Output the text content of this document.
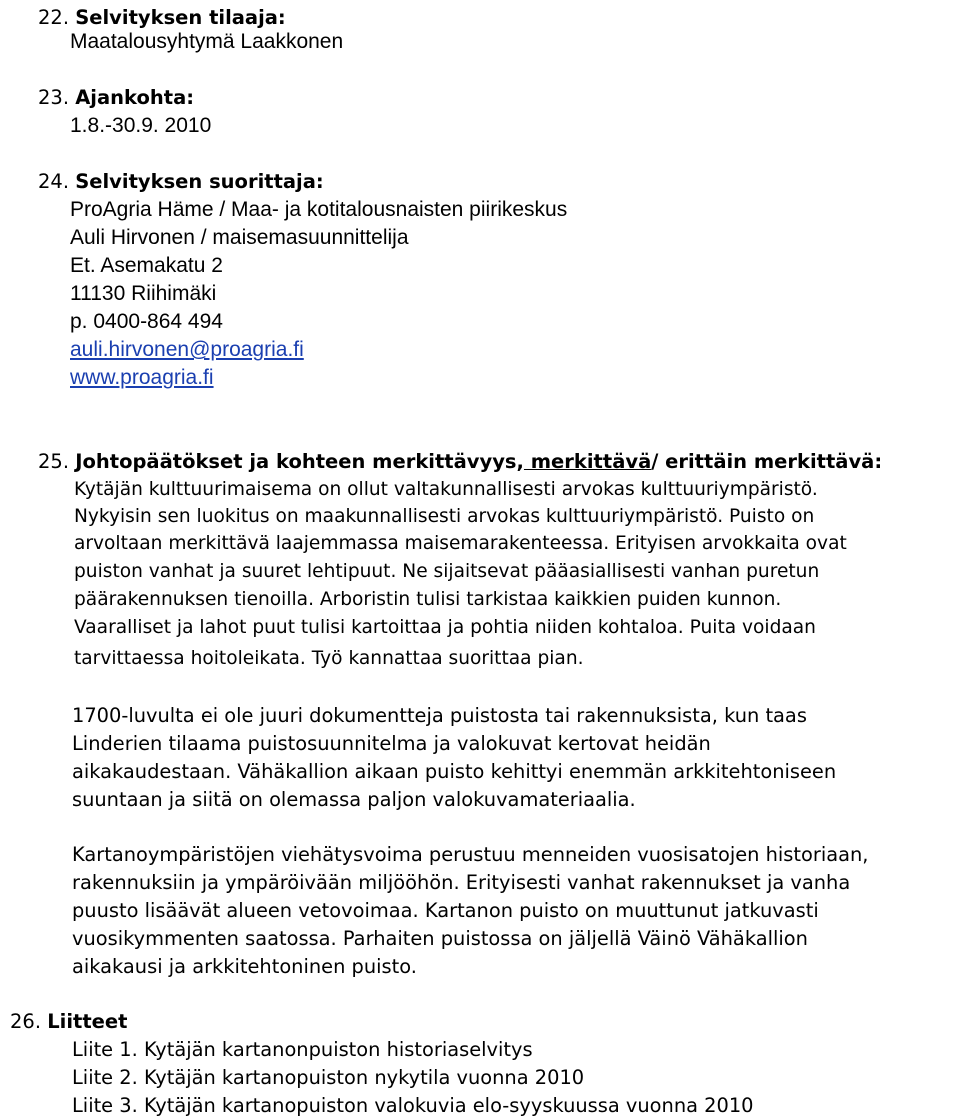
22. Selvityksen tilaaja:
Maatalousyhtymä Laakkonen
23. Ajankohta:
1.8.-30.9. 2010
24. Selvityksen suorittaja:
ProAgria Häme / Maa- ja kotitalousnaisten piirikeskus
Auli Hirvonen / maisemasuunnittelija
Et. Asemakatu 2
11130 Riihimäki
p. 0400-864 494
auli.hirvonen@proagria.fi
www.proagria.fi
25. Johtopäätökset ja kohteen merkittävyys, merkittävä/ erittäin merkittävä:
Kytäjän kulttuurimaisema on ollut valtakunnallisesti arvokas kulttuuriympäristö.
Nykyisin sen luokitus on maakunnallisesti arvokas kulttuuriympäristö. Puisto on
arvoltaan merkittävä laajemmassa maisemarakenteessa. Erityisen arvokkaita ovat
puiston vanhat ja suuret lehtipuut. Ne sijaitsevat pääasiallisesti vanhan puretun
päärakennuksen tienoilla. Arboristin tulisi tarkistaa kaikkien puiden kunnon.
Vaaralliset ja lahot puut tulisi kartoittaa ja pohtia niiden kohtaloa. Puita voidaan
tarvittaessa hoitoleikata. Työ kannattaa suorittaa pian.
1700-luvulta ei ole juuri dokumentteja puistosta tai rakennuksista, kun taas
Linderien tilaama puistosuunnitelma ja valokuvat kertovat heidän
aikakaudestaan. Vähäkallion aikaan puisto kehittyi enemmän arkkitehtoniseen
suuntaan ja siitä on olemassa paljon valokuvamateriaalia.
Kartanoympäristöjen viehätysvoima perustuu menneiden vuosisatojen historiaan,
rakennuksiin ja ympäröivään miljööhön. Erityisesti vanhat rakennukset ja vanha
puusto lisäävät alueen vetovoimaa. Kartanon puisto on muuttunut jatkuvasti
vuosikymmenten saatossa. Parhaiten puistossa on jäljellä Väinö Vähäkallion
aikakausi ja arkkitehtoninen puisto.
26. Liitteet
Liite 1. Kytäjän kartanonpuiston historiaselvitys
Liite 2. Kytäjän kartanopuiston nykytila vuonna 2010
Liite 3. Kytäjän kartanopuiston valokuvia elo-syyskuussa vuonna 2010
